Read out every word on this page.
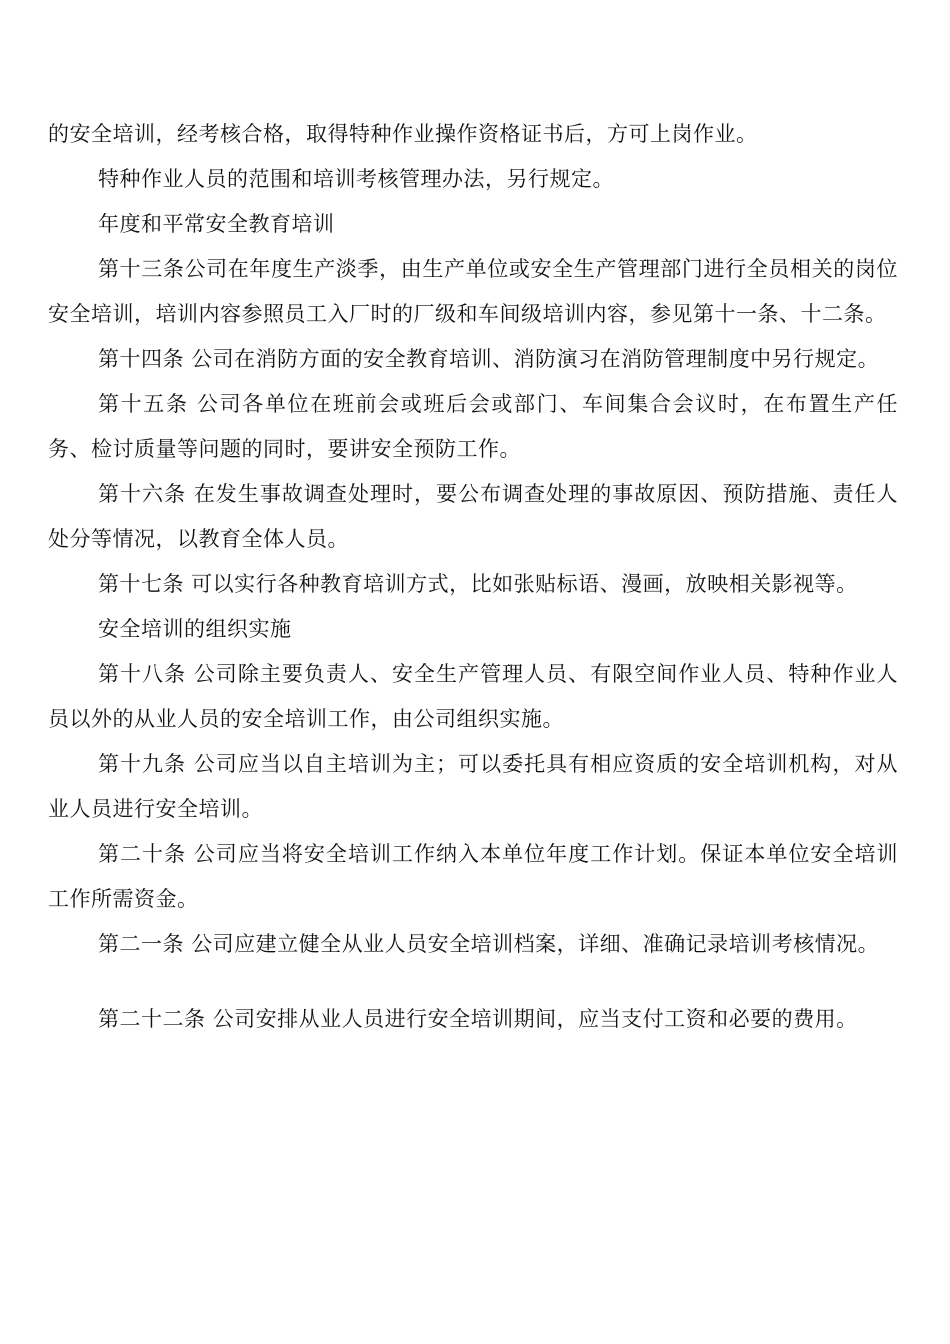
的安全培训，经考核合格，取得特种作业操作资格证书后，方可上岗作业。

特种作业人员的范围和培训考核管理办法，另行规定。

年度和平常安全教育培训

第十三条公司在年度生产淡季，由生产单位或安全生产管理部门进行全员相关的岗位安全培训，培训内容参照员工入厂时的厂级和车间级培训内容，参见第十一条、十二条。

第十四条 公司在消防方面的安全教育培训、消防演习在消防管理制度中另行规定。

第十五条 公司各单位在班前会或班后会或部门、车间集合会议时，在布置生产任务、检讨质量等问题的同时，要讲安全预防工作。

第十六条 在发生事故调查处理时，要公布调查处理的事故原因、预防措施、责任人处分等情况，以教育全体人员。

第十七条 可以实行各种教育培训方式，比如张贴标语、漫画，放映相关影视等。

安全培训的组织实施

第十八条 公司除主要负责人、安全生产管理人员、有限空间作业人员、特种作业人员以外的从业人员的安全培训工作，由公司组织实施。

第十九条 公司应当以自主培训为主；可以委托具有相应资质的安全培训机构，对从业人员进行安全培训。

第二十条 公司应当将安全培训工作纳入本单位年度工作计划。保证本单位安全培训工作所需资金。

第二一条 公司应建立健全从业人员安全培训档案，详细、准确记录培训考核情况。

第二十二条 公司安排从业人员进行安全培训期间，应当支付工资和必要的费用。
